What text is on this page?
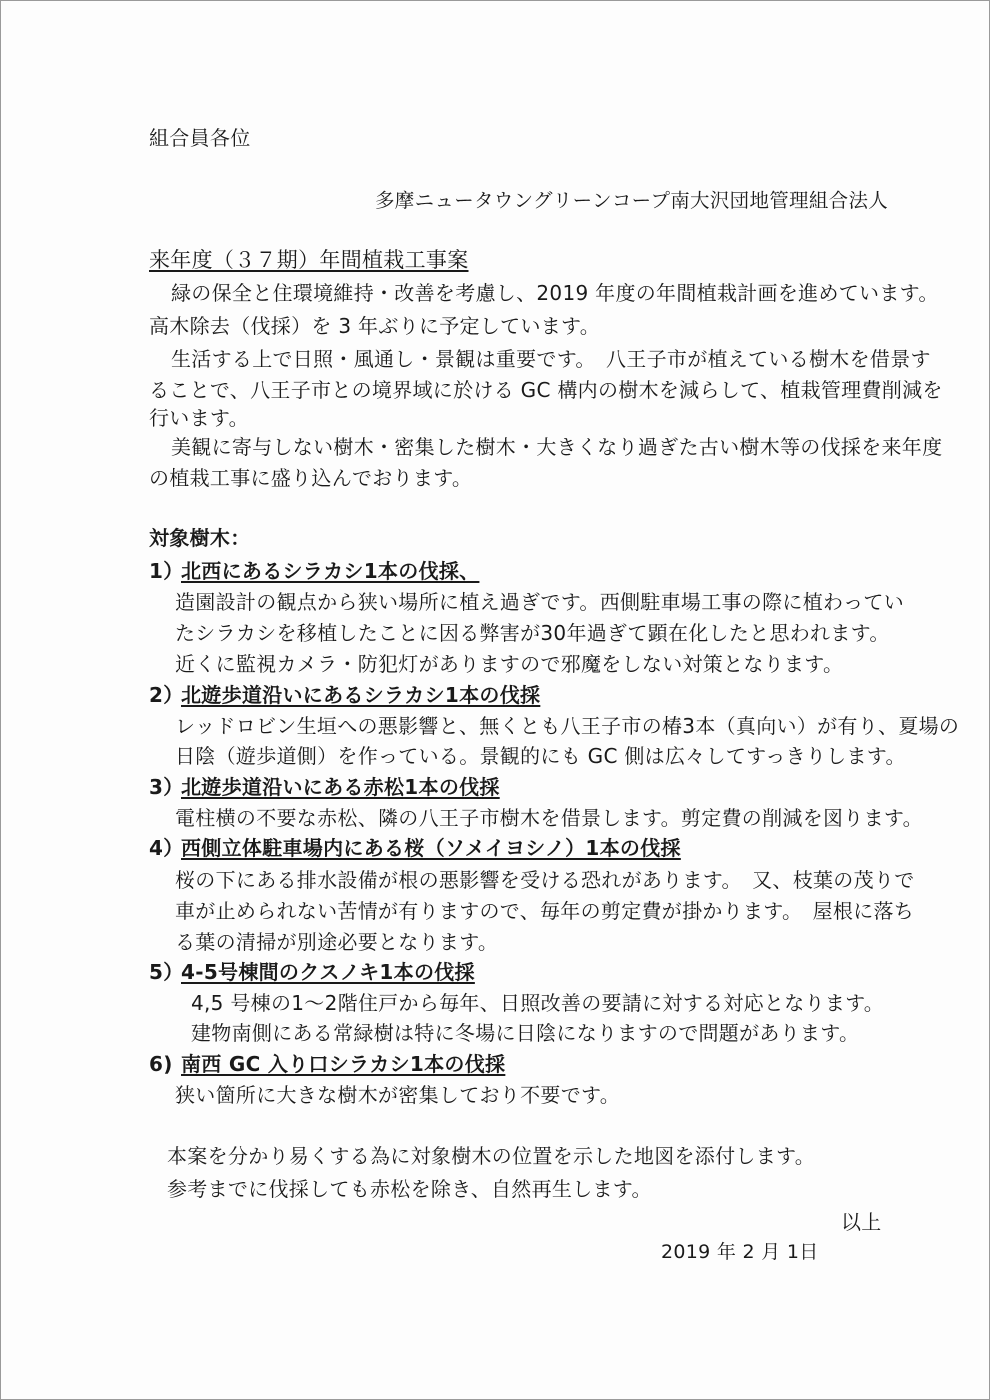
組合員各位
多摩ニュータウングリーンコープ南大沢団地管理組合法人
来年度（３７期）年間植栽工事案
緑の保全と住環境維持・改善を考慮し、2019 年度の年間植栽計画を進めています。
高木除去（伐採）を 3 年ぶりに予定しています。
生活する上で日照・風通し・景観は重要です。　八王子市が植えている樹木を借景す
ることで、八王子市との境界域に於ける GC 構内の樹木を減らして、植栽管理費削減を
行います。
美観に寄与しない樹木・密集した樹木・大きくなり過ぎた古い樹木等の伐採を来年度
の植栽工事に盛り込んでおります。
対象樹木：
1）
北西にあるシラカシ1本の伐採、
造園設計の観点から狭い場所に植え過ぎです。西側駐車場工事の際に植わってい
たシラカシを移植したことに因る弊害が30年過ぎて顕在化したと思われます。
近くに監視カメラ・防犯灯がありますので邪魔をしない対策となります。
2）
北遊歩道沿いにあるシラカシ1本の伐採
レッドロビン生垣への悪影響と、無くとも八王子市の椿3本（真向い）が有り、夏場の
日陰（遊歩道側）を作っている。景観的にも GC 側は広々してすっきりします。
3）
北遊歩道沿いにある赤松1本の伐採
電柱横の不要な赤松、隣の八王子市樹木を借景します。剪定費の削減を図ります。
4）
西側立体駐車場内にある桜（ソメイヨシノ）1本の伐採
桜の下にある排水設備が根の悪影響を受ける恐れがあります。　又、枝葉の茂りで
車が止められない苦情が有りますので、毎年の剪定費が掛かります。　屋根に落ち
る葉の清掃が別途必要となります。
5）
4-5号棟間のクスノキ1本の伐採
4,5 号棟の1～2階住戸から毎年、日照改善の要請に対する対応となります。
建物南側にある常緑樹は特に冬場に日陰になりますので問題があります。
6) 南西 GC 入り口シラカシ1本の伐採
狭い箇所に大きな樹木が密集しており不要です。
本案を分かり易くする為に対象樹木の位置を示した地図を添付します。
参考までに伐採しても赤松を除き、自然再生します。
以上
2019 年 2 月 1日
